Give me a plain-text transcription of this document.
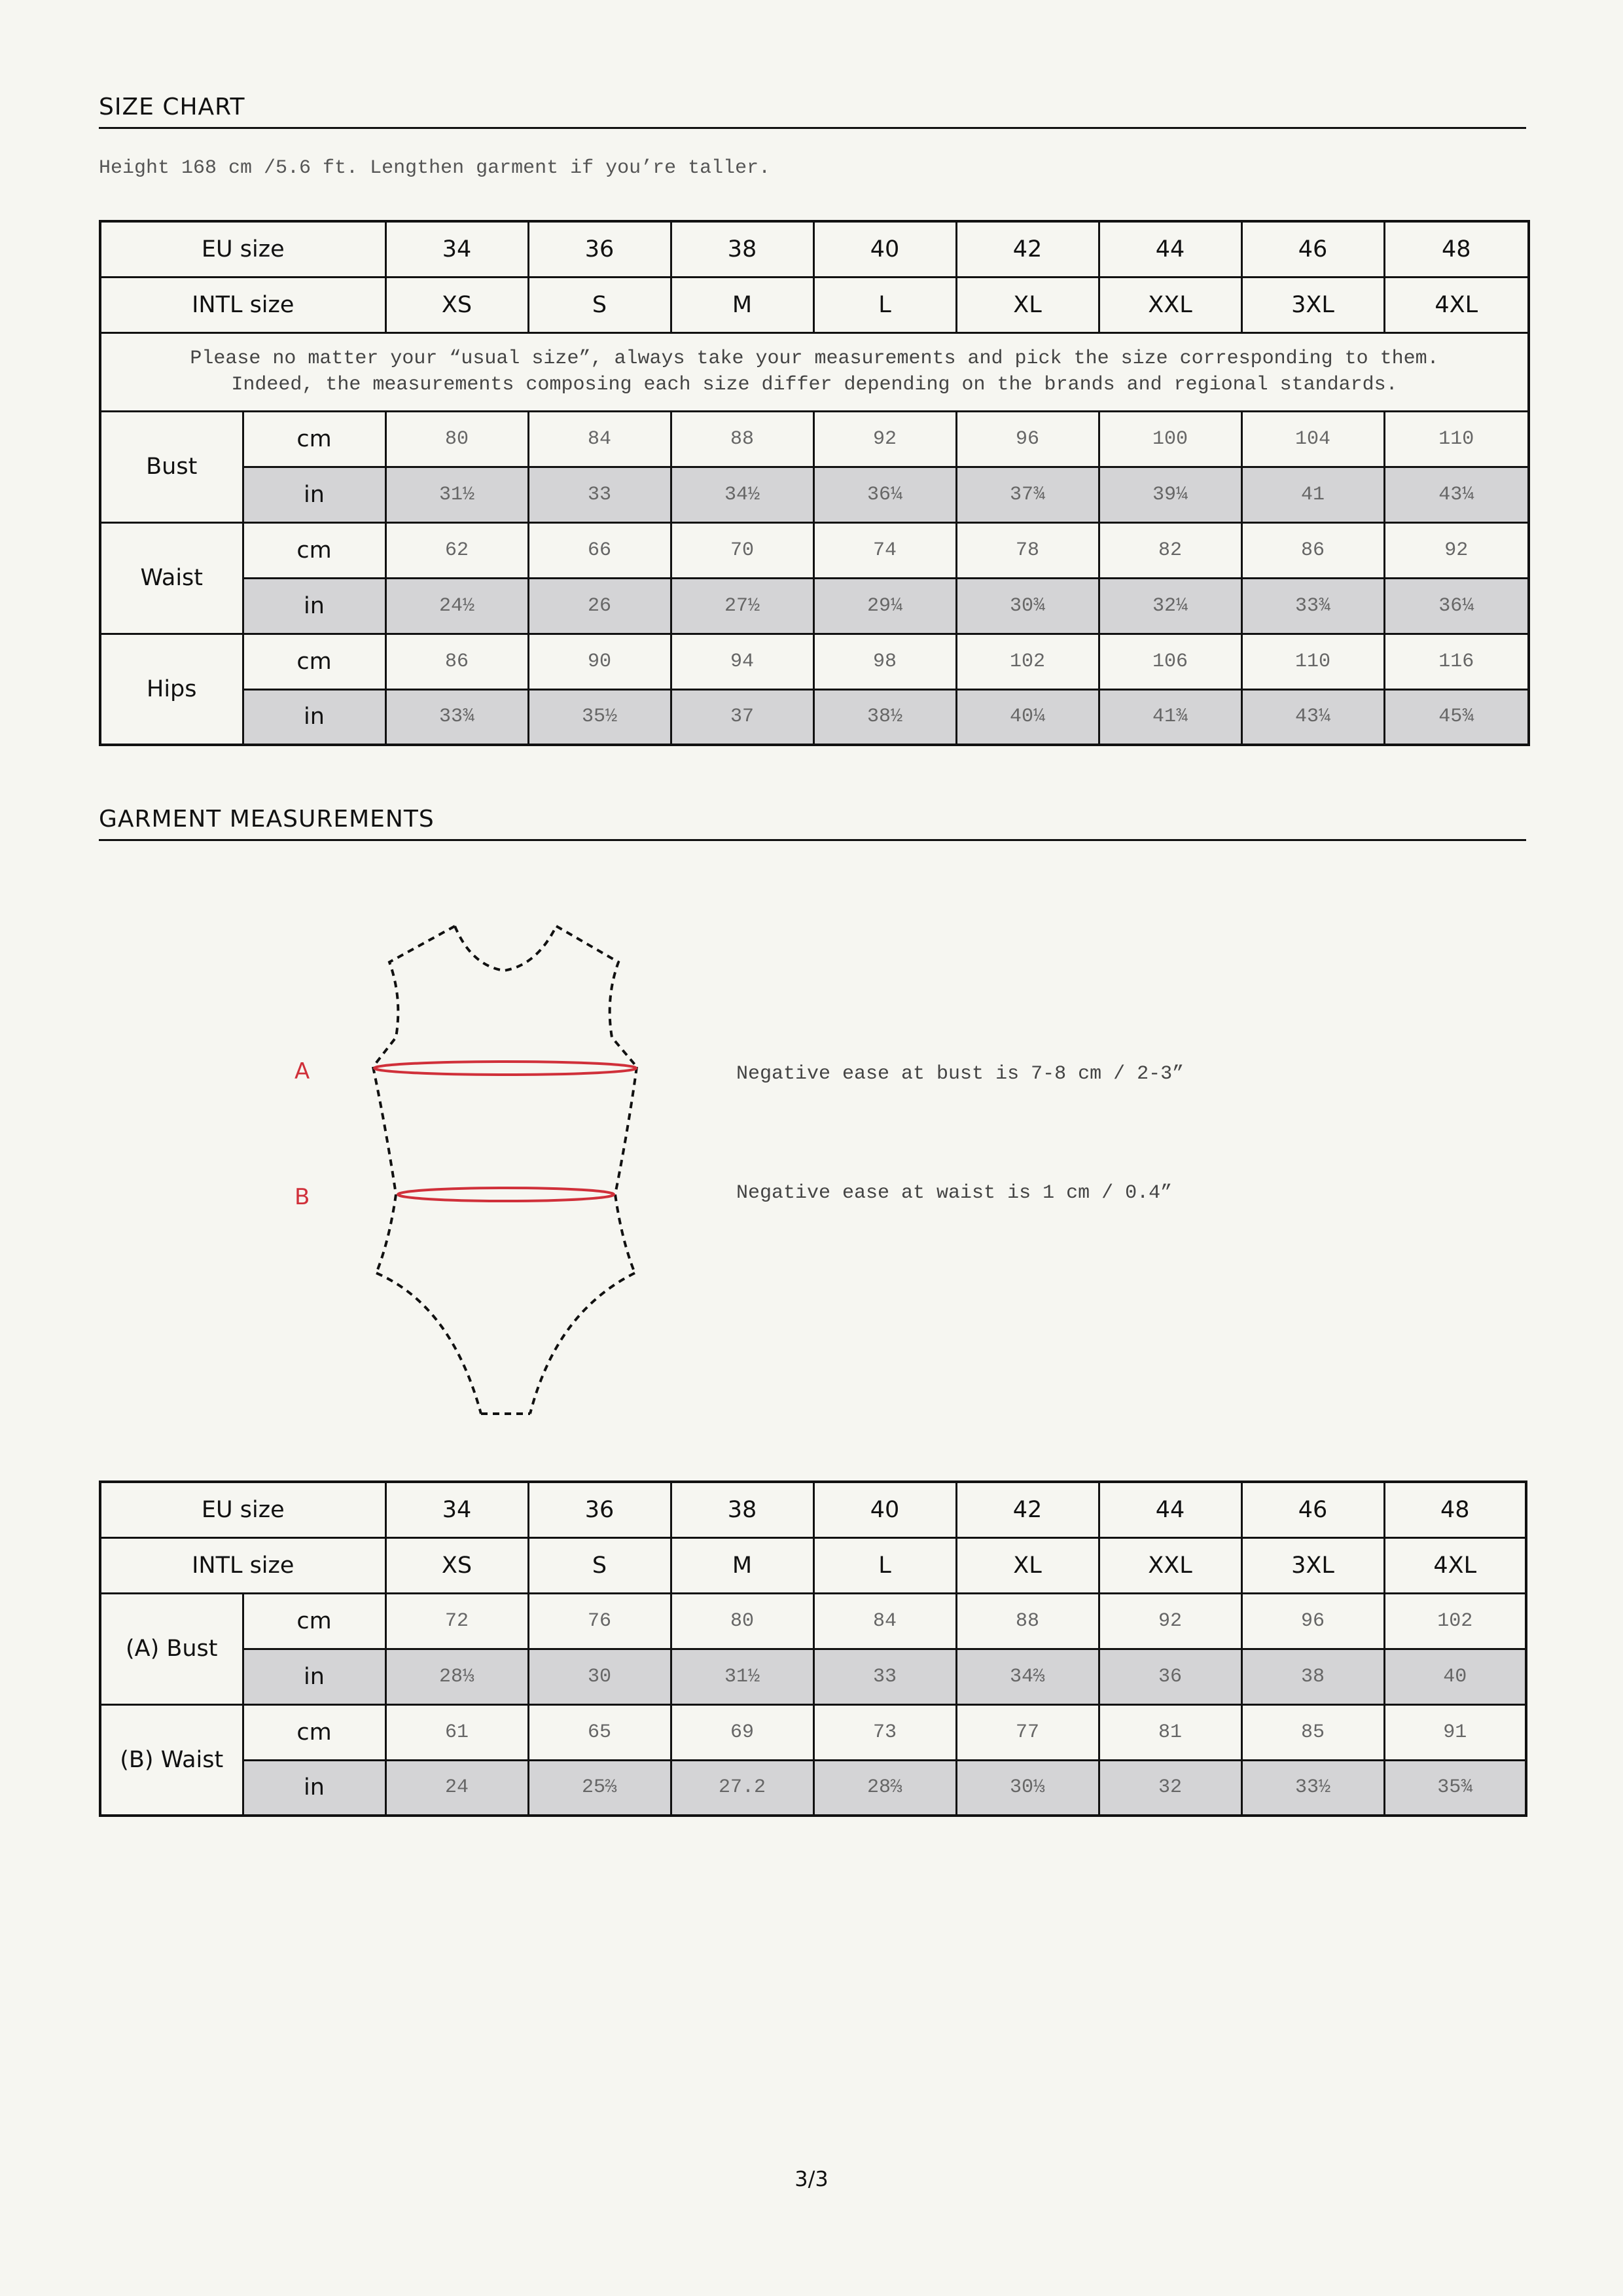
SIZE CHART
Height 168 cm /5.6 ft. Lengthen garment if you’re taller.
EU size		34	36	38	40	42	44	46	48
INTL size		XS	S	M	L	XL	XXL	3XL	4XL

Please no matter your “usual size”, always take your measurements and pick the size corresponding to them.
Indeed, the measurements composing each size differ depending on the brands and regional standards.									

Bust	cm	80	84	88	92	96	100	104	110
	in	31½	33	34½	36¼	37¾	39¼	41	43¼
Waist	cm	62	66	70	74	78	82	86	92
	in	24½	26	27½	29¼	30¾	32¼	33¾	36¼
Hips	cm	86	90	94	98	102	106	110	116
	in	33¾	35½	37	38½	40¼	41¾	43¼	45¾
GARMENT MEASUREMENTS
A
B
Negative ease at bust is 7-8 cm / 2-3”
Negative ease at waist is 1 cm / 0.4”
EU size		34	36	38	40	42	44	46	48
INTL size		XS	S	M	L	XL	XXL	3XL	4XL
(A) Bust	cm	72	76	80	84	88	92	96	102
	in	28⅓	30	31½	33	34⅔	36	38	40
(B) Waist	cm	61	65	69	73	77	81	85	91
	in	24	25⅔	27.2	28⅔	30⅓	32	33½	35¾
3/3
